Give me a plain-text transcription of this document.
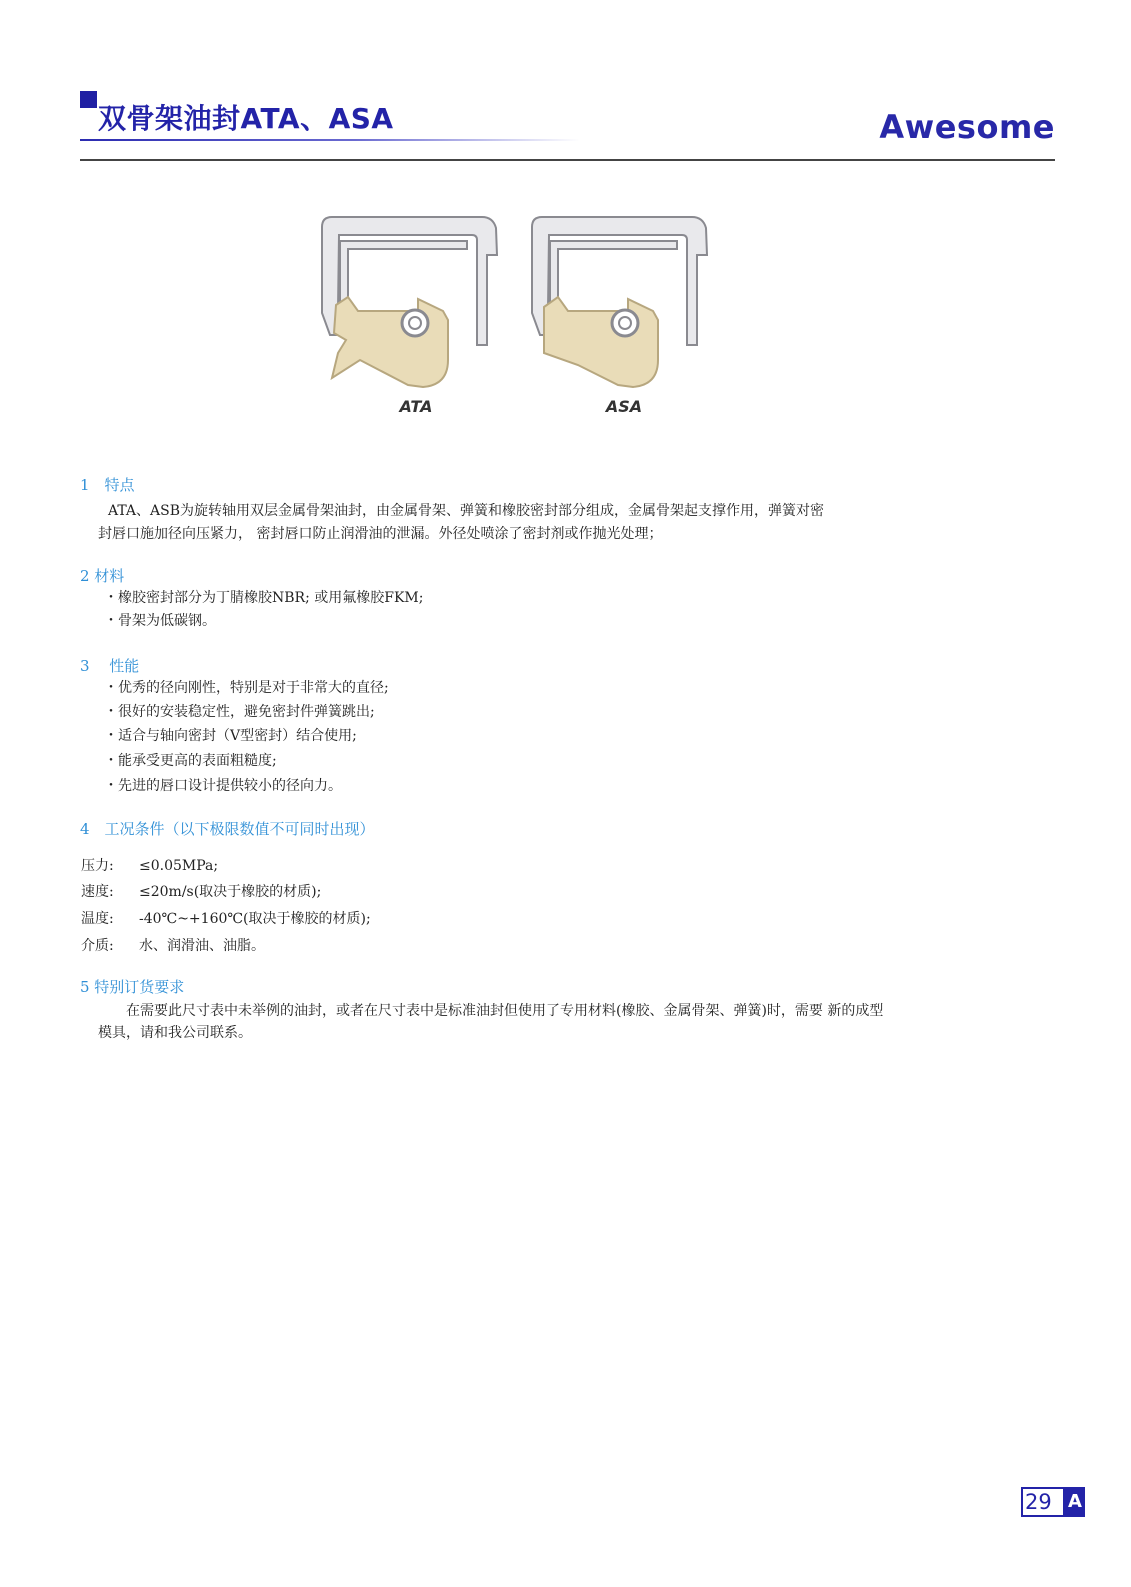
双骨架油封ATA、ASA	Awesome
ATA	ASA
1　特点

　　ATA、ASB为旋转轴用双层金属骨架油封，由金属骨架、弹簧和橡胶密封部分组成，金属骨架起支撑作用，弹簧对密

封唇口施加径向压紧力， 密封唇口防止润滑油的泄漏。外径处喷涂了密封剂或作抛光处理；

2 材料

・橡胶密封部分为丁腈橡胶NBR; 或用氟橡胶FKM;

・骨架为低碳钢。

3　 性能

・优秀的径向刚性，特别是对于非常大的直径;

・很好的安装稳定性，避免密封件弹簧跳出;

・适合与轴向密封（V型密封）结合使用;

・能承受更高的表面粗糙度;

・先进的唇口设计提供较小的径向力。

4　工况条件（以下极限数值不可同时出现）
压力: ≤0.05MPa;
速度: ≤20m/s(取决于橡胶的材质);
温度: -40℃~+160℃(取决于橡胶的材质);
介质: 水、润滑油、油脂。
5 特别订货要求

　　在需要此尺寸表中未举例的油封，或者在尺寸表中是标准油封但使用了专用材料(橡胶、金属骨架、弹簧)时，需要 新的成型

模具，请和我公司联系。

29 A
